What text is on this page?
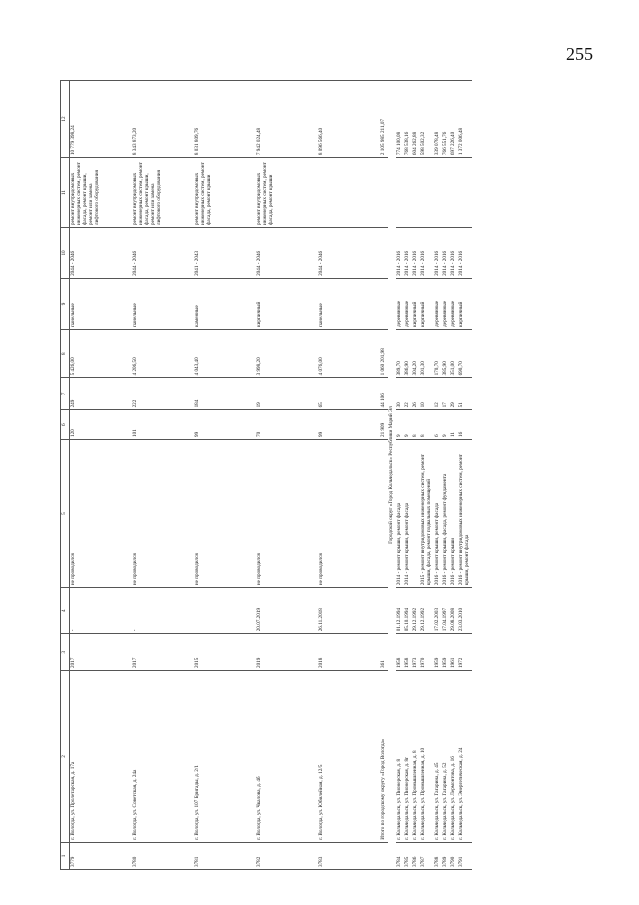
255
1	2	3	4	5	6	7	8	9	10	11	12
3779	г. Вологда, ул. Пролетарская, д. 17а	2017	-	не проводился	120	249	5 426,00	панельные	2044 - 2046	ремонт внутридомовых инженерных систем, ремонт фасада, ремонт крыши, ремонт или замена лифтового оборудования	10 779 398,24
3780	г. Вологда, ул. Советская, д. 24а	2017	-	не проводился	101	222	4 206,50	панельные	2044 - 2046	ремонт внутридомовых инженерных систем, ремонт фасада, ремонт крыши, ремонт или замена лифтового оборудования	8 343 873,20
3781	г. Вологда, ул. 107 Бригады, д. 2/1	2015		не проводился	99	184	4 043,40	каменные	2041 - 2043	ремонт внутридомовых инженерных систем, ремонт фасада, ремонт крыши	8 031 809,76
3782	г. Вологда, ул. Чкалова, д. 4б	2019	20.07.2019	не проводился	70	19	3 998,20	кирпичный	2044 - 2046	ремонт внутридомовых инженерных систем, ремонт фасада, ремонт крыши	7 942 024,48
3783	г. Вологда, ул. Юбилейная, д. 12/5	2018	26.11.2018	не проводился	99	65	4 076,00	панельные	2044 - 2046		8 096 566,40
	Итого по городскому округу «Город Вологда»	361			21 909	44 106	1 060 201,98				2 105 985 211,07
Городской округ «Город Кольчедальск» Республики Марий Эл											
3784	г. Кольчедальск, ул. Пионерская, д. 8	1958	01.12.1994	2014 - ремонт крыши, ремонт фасада	9	30	389,70	деревянные	2014 - 2016		774 100,08
3785	г. Кольчедальск, ул. Пионерская, д. 8г	1958	05.10.1994	2014 - ремонт крыши, ремонт фасада	9	22	386,90	деревянные	2014 - 2016		768 538,16
3786	г. Кольчедальск, ул. Промышленная, д. 8	1973	29.12.1992		8	26	304,20	кирпичный	2014 - 2016		604 262,88
3787	г. Кольчедальск, ул. Промышленная, д. 10	1970	29.12.1992	2015 - ремонт внутридомовых инженерных систем, ремонт крыши, фасада, ремонт подвальных помещений	8	10	301,30	кирпичный	2014 - 2016		598 502,32
3788	г. Кольчедальск, ул. Гагарина, д. 45	1959	17.02.2003	2016 - ремонт крыши, ремонт фасада	6	12	170,70	деревянные	2014 - 2016		339 078,48
3789	г. Кольчедальск, ул. Гагарина, д. 52	1959	17.04.1997	2016 - ремонт крыши, фасада, ремонт фундамента	9	17	385,90	деревянные	2014 - 2016		766 551,76
3790	г. Кольчедальск, ул. Лермонтова, д. 16	1961	29.08.2008	2016 - ремонт крыши	11	29	351,00	деревянные	2014 - 2016		697 226,40
3791	г. Кольчедальск, ул. Энергетическая, д. 24	1972	23.03.2010	2016 - ремонт внутридомовых инженерных систем, ремонт крыши, ремонт фасада	16	51	690,70	кирпичный	2014 - 2016		1 372 006,48
